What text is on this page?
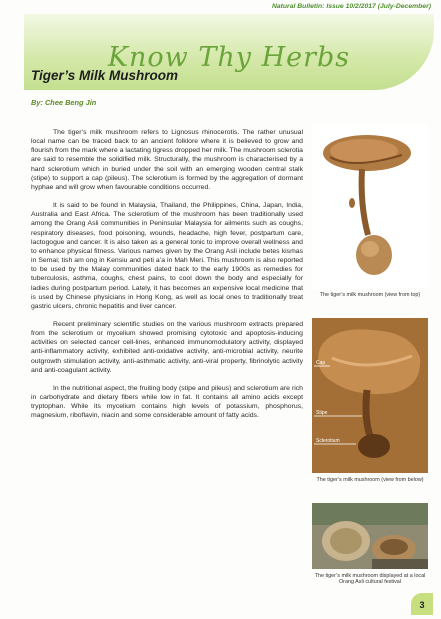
Natural Bulletin: Issue 10/2/2017 (July-December)
Know Thy Herbs
Tiger’s Milk Mushroom
By: Chee Beng Jin

The tiger’s milk mushroom refers to Lignosus rhinocerotis. The rather unusual local name can be traced back to an ancient folklore where it is believed to grow and flourish from the mark where a lactating tigress dropped her milk. The mushroom sclerotia are said to resemble the solidified milk. Structurally, the mushroom is characterised by a hard sclerotium which in buried under the soil with an emerging wooden central stalk (stipe) to support a cap (pileus). The sclerotium is formed by the aggregation of dormant hyphae and will grow when favourable conditions occurred.

It is said to be found in Malaysia, Thailand, the Philippines, China, Japan, India, Australia and East Africa. The sclerotium of the mushroom has been traditionally used among the Orang Asli communities in Peninsular Malaysia for ailments such as coughs, respiratory diseases, food poisoning, wounds, headache, high fever, postpartum care, lactogogue and cancer. It is also taken as a general tonic to improve overall wellness and to enhance physical fitness. Various names given by the Orang Asli include betes kismas in Semai; tish am ong in Kensiu and peti a’a in Mah Meri. This mushroom is also reported to be used by the Malay communities dated back to the early 1900s as remedies for tuberculosis, asthma, coughs, chest pains, to cool down the body and especially for ladies during postpartum period. Lately, it has becomes an expensive local medicine that is used by Chinese physicians in Hong Kong, as well as local ones to traditionally treat gastric ulcers, chronic hepatitis and liver cancer.

Recent preliminary scientific studies on the various mushroom extracts prepared from the sclerotium or mycelium showed promising cytotoxic and apoptosis-inducing activities on selected cancer cell-lines, enhanced immunomodulatory activity, displayed anti-inflammatory activity, exhibited anti-oxidative activity, anti-microbial activity, neurite outgrowth stimulation activity, anti-asthmatic activity, anti-viral property, fibrinolytic activity and anti-coagulant activity.

In the nutritional aspect, the fruiting body (stipe and pileus) and sclerotium are rich in carbohydrate and dietary fibers while low in fat. It contains all amino acids except tryptophan. While its mycelium contains high levels of potassium, phosphorus, magnesium, riboflavin, niacin and some considerable amount of fatty acids.

The tiger’s milk mushroom (view from top)
Cap
Stipe
Sclerotium
The tiger’s milk mushroom (view from below)
The tiger’s milk mushroom displayed at a local Orang Asli cultural festival
3
